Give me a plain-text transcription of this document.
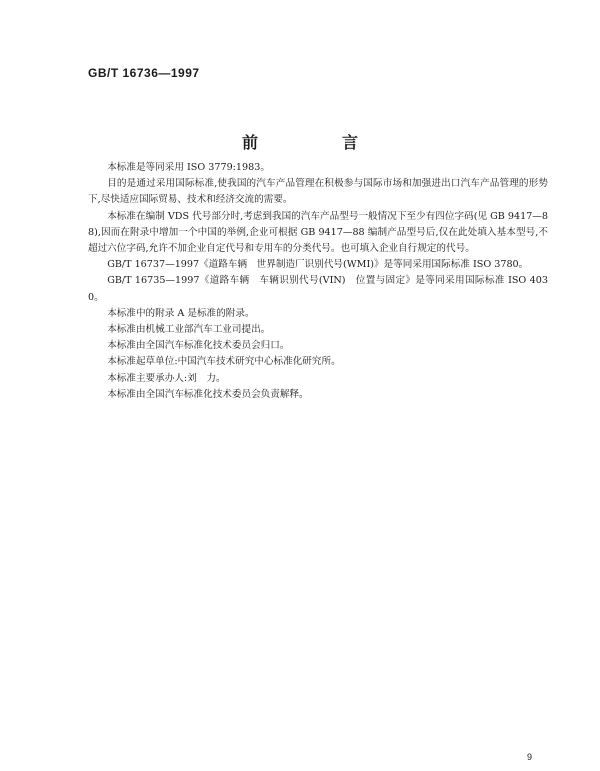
GB/T 16736—1997
前　言

本标准是等同采用 ISO 3779:1983。

目的是通过采用国际标准,使我国的汽车产品管理在积极参与国际市场和加强进出口汽车产品管理的形势下,尽快适应国际贸易、技术和经济交流的需要。

本标准在编制 VDS 代号部分时,考虑到我国的汽车产品型号一般情况下至少有四位字码(见 GB 9417—88),因而在附录中增加一个中国的举例,企业可根据 GB 9417—88 编制产品型号后,仅在此处填入基本型号,不超过六位字码,允许不加企业自定代号和专用车的分类代号。也可填入企业自行规定的代号。

GB/T 16737—1997《道路车辆　世界制造厂识别代号(WMI)》是等同采用国际标准 ISO 3780。

GB/T 16735—1997《道路车辆　车辆识别代号(VIN)　位置与固定》是等同采用国际标准 ISO 4030。

本标准中的附录 A 是标准的附录。

本标准由机械工业部汽车工业司提出。

本标准由全国汽车标准化技术委员会归口。

本标准起草单位:中国汽车技术研究中心标准化研究所。

本标准主要承办人:刘　力。

本标准由全国汽车标准化技术委员会负责解释。

9
